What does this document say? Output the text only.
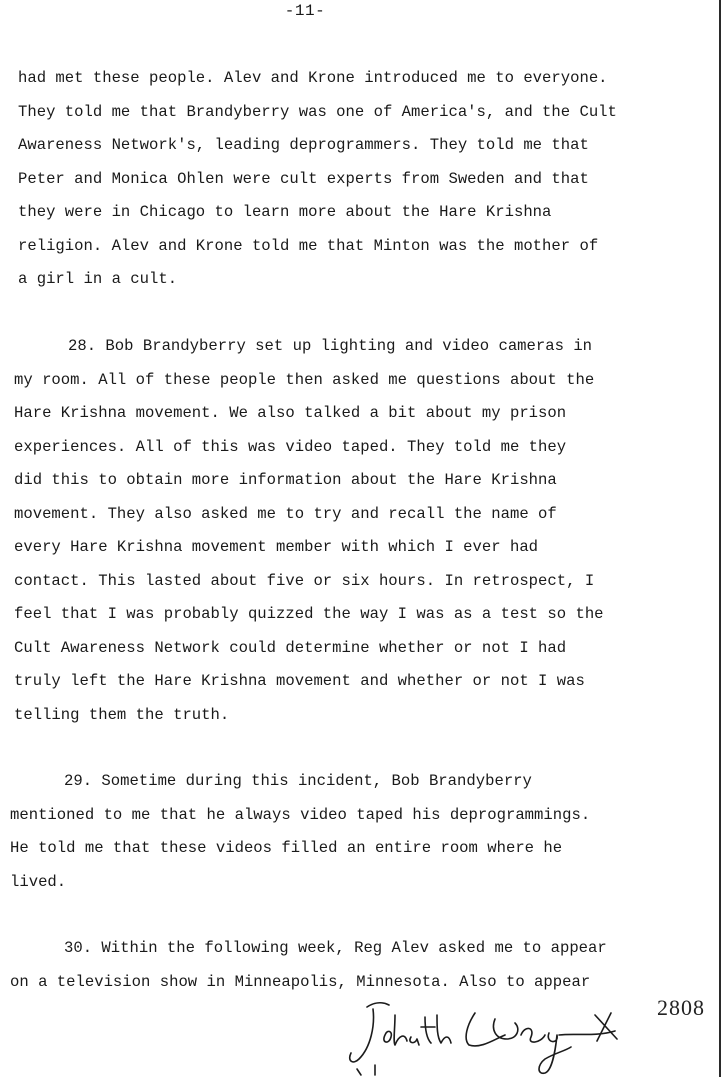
-11-
had met these people. Alev and Krone introduced me to everyone.
They told me that Brandyberry was one of America's, and the Cult
Awareness Network's, leading deprogrammers. They told me that
Peter and Monica Ohlen were cult experts from Sweden and that
they were in Chicago to learn more about the Hare Krishna
religion. Alev and Krone told me that Minton was the mother of
a girl in a cult.
28. Bob Brandyberry set up lighting and video cameras in
my room. All of these people then asked me questions about the
Hare Krishna movement. We also talked a bit about my prison
experiences. All of this was video taped. They told me they
did this to obtain more information about the Hare Krishna
movement. They also asked me to try and recall the name of
every Hare Krishna movement member with which I ever had
contact. This lasted about five or six hours. In retrospect, I
feel that I was probably quizzed the way I was as a test so the
Cult Awareness Network could determine whether or not I had
truly left the Hare Krishna movement and whether or not I was
telling them the truth.
29. Sometime during this incident, Bob Brandyberry
mentioned to me that he always video taped his deprogrammings.
He told me that these videos filled an entire room where he
lived.
30. Within the following week, Reg Alev asked me to appear
on a television show in Minneapolis, Minnesota. Also to appear
2808
